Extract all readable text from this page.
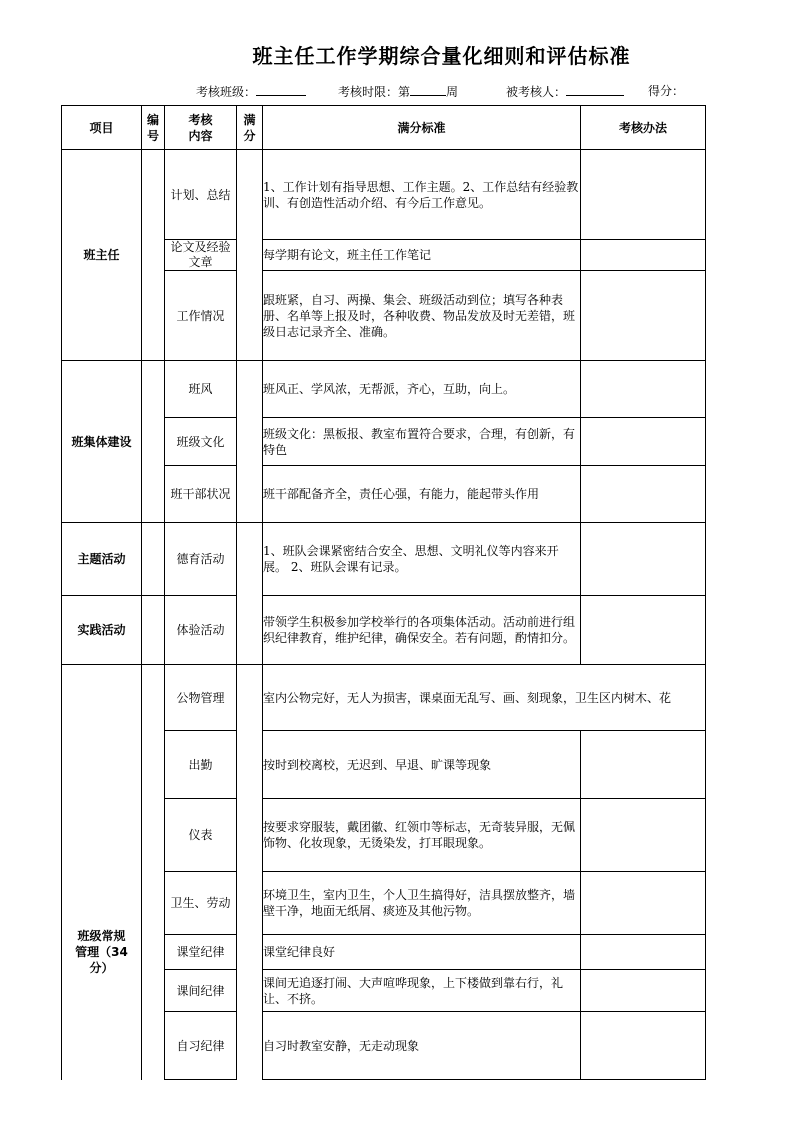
班主任工作学期综合量化细则和评估标准
考核班级：	考核时限：第	周	被考核人：	得分：
项目	编号	考核内容	满分	满分标准	考核办法
班主任		计划、总结		1、工作计划有指导思想、工作主题。2、工作总结有经验教训、有创造性活动介绍、有今后工作意见。	
		论文及经验文章		每学期有论文，班主任工作笔记	
		工作情况		跟班紧，自习、两操、集会、班级活动到位；填写各种表册、名单等上报及时，各种收费、物品发放及时无差错，班级日志记录齐全、准确。	
班集体建设		班风		班风正、学风浓，无帮派，齐心，互助，向上。	
		班级文化		班级文化：黑板报、教室布置符合要求，合理，有创新，有特色	
		班干部状况		班干部配备齐全，责任心强，有能力，能起带头作用	
主题活动		德育活动		1、班队会课紧密结合安全、思想、文明礼仪等内容来开展。 2、班队会课有记录。	
实践活动		体验活动		带领学生积极参加学校举行的各项集体活动。活动前进行组织纪律教育，维护纪律，确保安全。若有问题，酌情扣分。	

班级常规管理（34分）		公物管理		室内公物完好，无人为损害，课桌面无乱写、画、刻现象，卫生区内树木、花	
		出勤		按时到校离校，无迟到、早退、旷课等现象	
		仪表		按要求穿服装，戴团徽、红领巾等标志，无奇装异服，无佩饰物、化妆现象，无烫染发，打耳眼现象。	
		卫生、劳动		环境卫生，室内卫生，个人卫生搞得好，洁具摆放整齐，墙壁干净，地面无纸屑、痰迹及其他污物。	
		课堂纪律		课堂纪律良好	
		课间纪律		课间无追逐打闹、大声喧哗现象，上下楼做到靠右行，礼让、不挤。	
		自习纪律		自习时教室安静，无走动现象	
